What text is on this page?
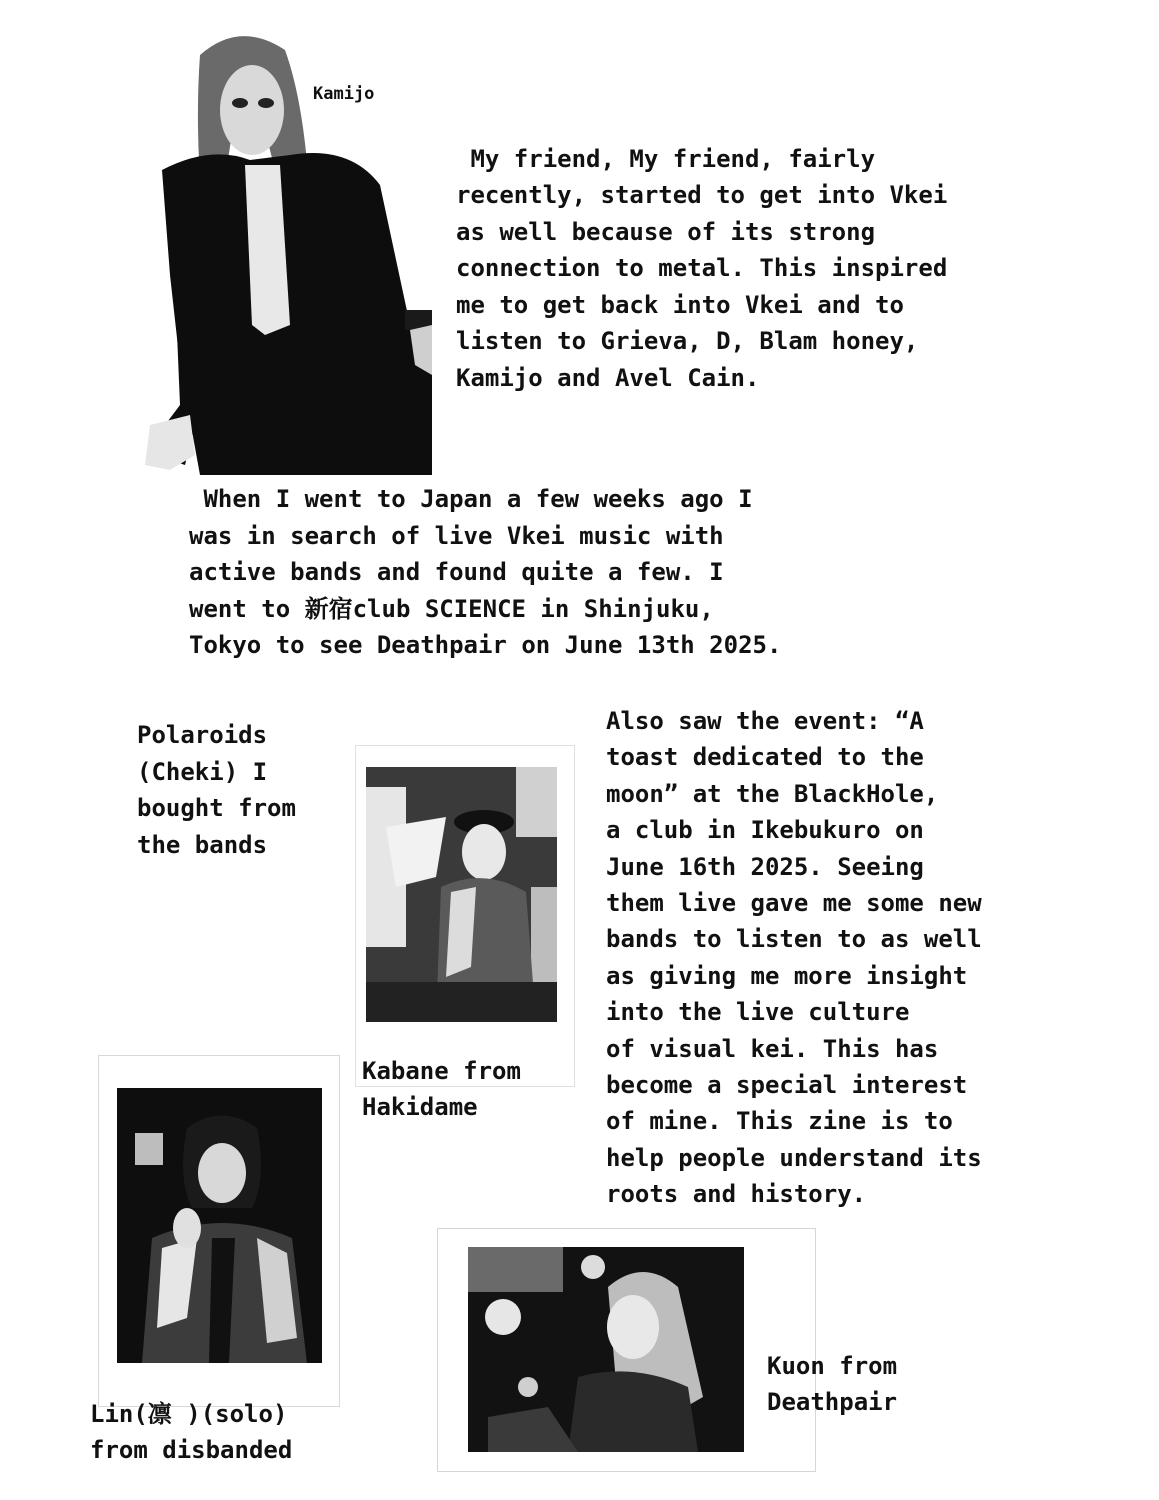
Kamijo
My friend, My friend, fairly
recently, started to get into Vkei
as well because of its strong
connection to metal. This inspired
me to get back into Vkei and to
listen to Grieva, D, Blam honey,
Kamijo and Avel Cain.
When I went to Japan a few weeks ago I
was in search of live Vkei music with
active bands and found quite a few. I
went to 新宿club SCIENCE in Shinjuku,
Tokyo to see Deathpair on June 13th 2025.
Polaroids
(Cheki) I
bought from
the bands
Kabane from
Hakidame
Also saw the event: “A
toast dedicated to the
moon” at the BlackHole,
a club in Ikebukuro on
June 16th 2025. Seeing
them live gave me some new
bands to listen to as well
as giving me more insight
into the live culture
of visual kei. This has
become a special interest
of mine. This zine is to
help people understand its
roots and history.
Lin(凛 )(solo)
from disbanded
Kuon from
Deathpair
